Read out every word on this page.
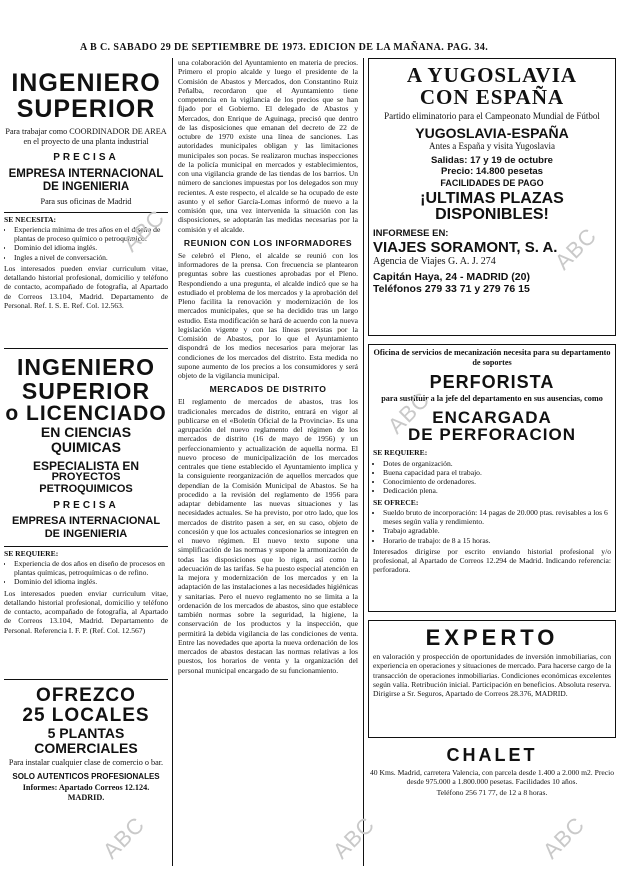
A B C. SABADO 29 DE SEPTIEMBRE DE 1973. EDICION DE LA MAÑANA. PAG. 34.
INGENIERO
SUPERIOR

Para trabajar como COORDINADOR DE AREA en el proyecto de una planta industrial

PRECISA

EMPRESA INTERNACIONAL DE INGENIERIA

Para sus oficinas de Madrid

SE NECESITA:

• Experiencia mínima de tres años en el diseño de plantas de proceso químico o petroquímico.
• Dominio del idioma inglés.
• Ingles a nivel de conversación.

Los interesados pueden enviar curriculum vitae, detallando historial profesional, domicilio y teléfono de contacto, acompañado de fotografía, al Apartado de Correos 13.104, Madrid. Departamento de Personal. Ref. I. S. E. Ref. Col. 12.563.

INGENIERO
SUPERIOR
o LICENCIADO
EN CIENCIAS QUIMICAS
ESPECIALISTA EN
PROYECTOS PETROQUIMICOS

PRECISA

EMPRESA INTERNACIONAL DE INGENIERIA

SE REQUIERE:

• Experiencia de dos años en diseño de procesos en plantas químicas, petroquímicas o de refino.
• Dominio del idioma inglés.

Los interesados pueden enviar curriculum vitae, detallando historial profesional, domicilio y teléfono de contacto, acompañado de fotografía, al Apartado de Correos 13.104, Madrid. Departamento de Personal. Referencia I. F. P. (Ref. Col. 12.567)

OFREZCO
25 LOCALES
5 PLANTAS COMERCIALES

Para instalar cualquier clase de comercio o bar.

SOLO AUTENTICOS PROFESIONALES

Informes: Apartado Correos 12.124. MADRID.

una colaboración del Ayuntamiento en materia de precios. Primero el propio alcalde y luego el presidente de la Comisión de Abastos y Mercados, don Constantino Ruiz Peñalba, recordaron que el Ayuntamiento tiene competencia en la vigilancia de los precios que se han fijado por el Gobierno. El delegado de Abastos y Mercados, don Enrique de Aguinaga, precisó que dentro de las disposiciones que emanan del decreto de 22 de octubre de 1970 existe una línea de sanciones. Las autoridades municipales obligan y las limitaciones municipales son pocas. Se realizaron muchas inspecciones de la policía municipal en mercados y establecimientos, con una vigilancia grande de las tiendas de los barrios. Un número de sanciones impuestas por los delegados son muy recientes. A este respecto, el alcalde se ha ocupado de este asunto y el señor García-Lomas informó de nuevo a la comisión que, una vez intervenida la situación con las disposiciones, se adoptarán las medidas necesarias por la comisión y el alcalde.

REUNION CON LOS INFORMADORES

Se celebró el Pleno, el alcalde se reunió con los informadores de la prensa. Con frecuencia se plantearon preguntas sobre las cuestiones aprobadas por el Pleno. Respondiendo a una pregunta, el alcalde indicó que se ha estudiado el problema de los mercados y la aprobación del Pleno facilita la renovación y modernización de los mercados municipales, que se ha decidido tras un largo estudio. Esta modificación se hará de acuerdo con la nueva legislación vigente y con las líneas previstas por la Comisión de Abastos, por lo que el Ayuntamiento dispondrá de los medios necesarios para mejorar las condiciones de los mercados del distrito. Esta medida no supone aumento de los precios a los consumidores y será objeto de la vigilancia municipal.

MERCADOS DE DISTRITO

El reglamento de mercados de abastos, tras los tradicionales mercados de distrito, entrará en vigor al publicarse en el «Boletín Oficial de la Provincia». Es una agrupación del nuevo reglamento del régimen de los mercados de distrito (16 de mayo de 1956) y un perfeccionamiento y actualización de aquella norma. El nuevo proceso de municipalización de los mercados centrales que tiene establecido el Ayuntamiento implica y la consiguiente reorganización de aquellos mercados que dependían de la Comisión Municipal de Abastos. Se ha procedido a la revisión del reglamento de 1956 para adaptar debidamente las nuevas situaciones y las necesidades actuales. Se ha previsto, por otro lado, que los mercados de distrito pasen a ser, en su caso, objeto de concesión y que los actuales concesionarios se integren en el nuevo régimen. El nuevo texto supone una simplificación de las normas y supone la armonización de todas las disposiciones que lo rigen, así como la adecuación de las tarifas. Se ha puesto especial atención en la mejora y modernización de los mercados y en la adaptación de las instalaciones a las necesidades higiénicas y sanitarias. Pero el nuevo reglamento no se limita a la ordenación de los mercados de abastos, sino que establece también normas sobre la seguridad, la higiene, la conservación de los productos y la inspección, que permitirá la debida vigilancia de las condiciones de venta. Entre las novedades que aporta la nueva ordenación de los mercados de abastos destacan las normas relativas a los puestos, los horarios de venta y la organización del personal municipal encargado de su funcionamiento.

A YUGOSLAVIA
CON ESPAÑA

Partido eliminatorio para el Campeonato Mundial de Fútbol

YUGOSLAVIA-ESPAÑA

Antes a España y visita Yugoslavia

Salidas: 17 y 19 de octubre

Precio: 14.800 pesetas

FACILIDADES DE PAGO

¡ULTIMAS PLAZAS
DISPONIBLES!

INFORMESE EN:

VIAJES SORAMONT, S. A.

Agencia de Viajes G. A. J. 274

Capitán Haya, 24 - MADRID (20)

Teléfonos 279 33 71 y 279 76 15

Oficina de servicios de mecanización necesita para su departamento de soportes

PERFORISTA

para sustituir a la jefe del departamento en sus ausencias, como

ENCARGADA
DE PERFORACION

SE REQUIERE:

• Dotes de organización.
• Buena capacidad para el trabajo.
• Conocimiento de ordenadores.
• Dedicación plena.

SE OFRECE:

• Sueldo bruto de incorporación: 14 pagas de 20.000 ptas. revisables a los 6 meses según valía y rendimiento.
• Trabajo agradable.
• Horario de trabajo: de 8 a 15 horas.

Interesados dirigirse por escrito enviando historial profesional y/o profesional, al Apartado de Correos 12.294 de Madrid. Indicando referencia: perforadora.

EXPERTO

en valoración y prospección de oportunidades de inversión inmobiliarias, con experiencia en operaciones y situaciones de mercado. Para hacerse cargo de la transacción de operaciones inmobiliarias. Condiciones económicas excelentes según valía. Retribución inicial. Participación en beneficios. Absoluta reserva. Dirigirse a Sr. Seguros, Apartado de Correos 28.376, MADRID.

CHALET

40 Kms. Madrid, carretera Valencia, con parcela desde 1.400 a 2.000 m2. Precio desde 975.000 a 1.800.000 pesetas. Facilidades 10 años.

Teléfono 256 71 77, de 12 a 8 horas.

ABC
ABC
ABC
ABC	ABC	ABC
